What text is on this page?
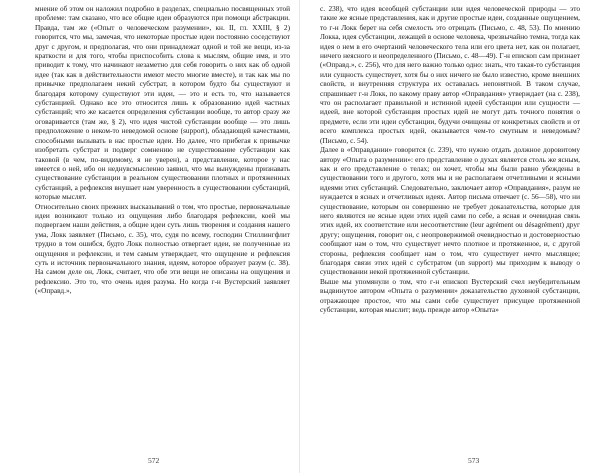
мнение об этом он наложил подробно в разделах, специально посвященных этой проблеме: там сказано, что все общие идеи образуются при помощи абстракции. Правда, там же («Опыт о человеческом разумении», кн. II, гл. XXIII, § 2) говорится, что мы, замечая, что некоторые простые идеи постоянно соседствуют друг с другом, и предполагая, что они принадлежат одной и той же вещи, из-за краткости и для того, чтобы приспособить слова к мыслям, общие имя, и это приводит к тому, что начинают незаметно для себя говорить о них как об одной идее (так как в действительности имеют место многие вместе), и так как мы по привычке предполагаем некий субстрат, в котором будто бы существуют и благодаря которому существуют эти идеи, — это и есть то, что называется субстанцией. Однако все это относится лишь к образованию идей частных субстанций; что же касается определения субстанции вообще, то автор сразу же оговаривается (там же, § 2), что идея чистой субстанции вообще — это лишь предположение о неком-то неведомой основе (support), обладающей качествами, способными вызывать в нас простые идеи. Но далее, что прибегая к привычке изобретать субстрат и подверг сомнению не существование субстанции как таковой (в чем, по-видимому, я не уверен), а представление, которое у нас имеется о ней, ибо он неднувсмысленно заявил, что мы вынуждены признавать существование субстанции в реальном существовании плотных и протяженных субстанций, а рефлексия внушает нам уверенность в существовании субстанций, которые мыслят.

Относительно своих прежних высказываний о том, что простые, первоначальные идеи возникают только из ощущения либо благодаря рефлексии, коей мы подвергаем наши действия, а общие идеи суть лишь творения и создания нашего ума, Локк заявляет (Письмо, с. 35), что, судя по всему, господин Стиллингфлит трудно в том ошибся, будто Локк полностью отвергает идеи, не полученные из ощущения и рефлексии, и тем самым утверждает, что ощущение и рефлексия суть и источник первоначального знания, идеям, которое образует разум (с. 38). На самом деле он, Локк, считает, что обе эти вещи не описаны на ощущения и рефлексию. Это то, что очень идея разума. Но когда г-н Вустерский заявляет («Оправд.»,

572

с. 238), что идея всеобщей субстанции или идея человеческой природы — это такие же ясные представления, как и другие простые идеи, созданные ощущением, то г-н Локк берет на себя смелость это отрицать (Письмо, с. 48, 53). По мнению Локка, идея субстанции, лежащей в основе человека, чрезвычайно темна, тогда как идея о нем в его очертаний человеческого тела или его цвета нет, как он полагает, ничего неясного и неопределенного (Письмо, с. 48—49). Г-н епископ сам признает («Оправд.», с. 256), что для него важно только одно: знать, что такая-то субстанция или сущность существует, хотя бы о них ничего не было известно, кроме внешних свойств, и внутренняя структура их оставалась непонятной. В таком случае, спрашивает г-н Локк, по какому праву автор «Оправдания» утверждает (на с. 238), что он располагает правильной и истинной идеей субстанции или сущности — идеей, вне которой субстанция простых идей не могут дать точного понятия о предмете, если эти идеи субстанции, будучи очищены от конкретных свойств и от всего комплекса простых идей, оказывается чем-то смутным и неведомым? (Письмо, с. 54).

Далее в «Оправдании» говорится (с. 239), что нужно отдать должное доровитому автору «Опыта о разумении»: его представление о духах является столь же ясным, как и его представление о телах; он хочет, чтобы мы были равно убеждены в существовании того и другого, хотя мы и не располагаем отчетливыми и ясными идеями этих субстанций. Следовательно, заключает автор «Оправдания», разум не нуждается в ясных и отчетливых идеях. Автор письма отвечает (с. 56—58), что ни существование, которым он совершенно не требует доказательства, которые для него являются не ясные идеи этих идей сами по себе, а ясная и очевидная связь этих идей, их соответствие или несоответствие (leur agrément ou désagrément) друг другу; ощущения, говорит он, с неопровержимой очевидностью и достоверностью сообщают нам о том, что существует нечто плотное и протяженное, и, с другой стороны, рефлексия сообщает нам о том, что существует нечто мыслящее; благодаря связи этих идей с субстратом (un support) мы приходим к выводу о существовании некой протяженной субстанции.

Выше мы упомянули о том, что г-н епископ Вустерский счел неубедительным выдвинутое автором «Опыта о разумении» доказательство духовной субстанции, отражающее простое, что мы сами себе существует присущее протяженной субстанции, которая мыслит; ведь прежде автор «Опыта»

573
